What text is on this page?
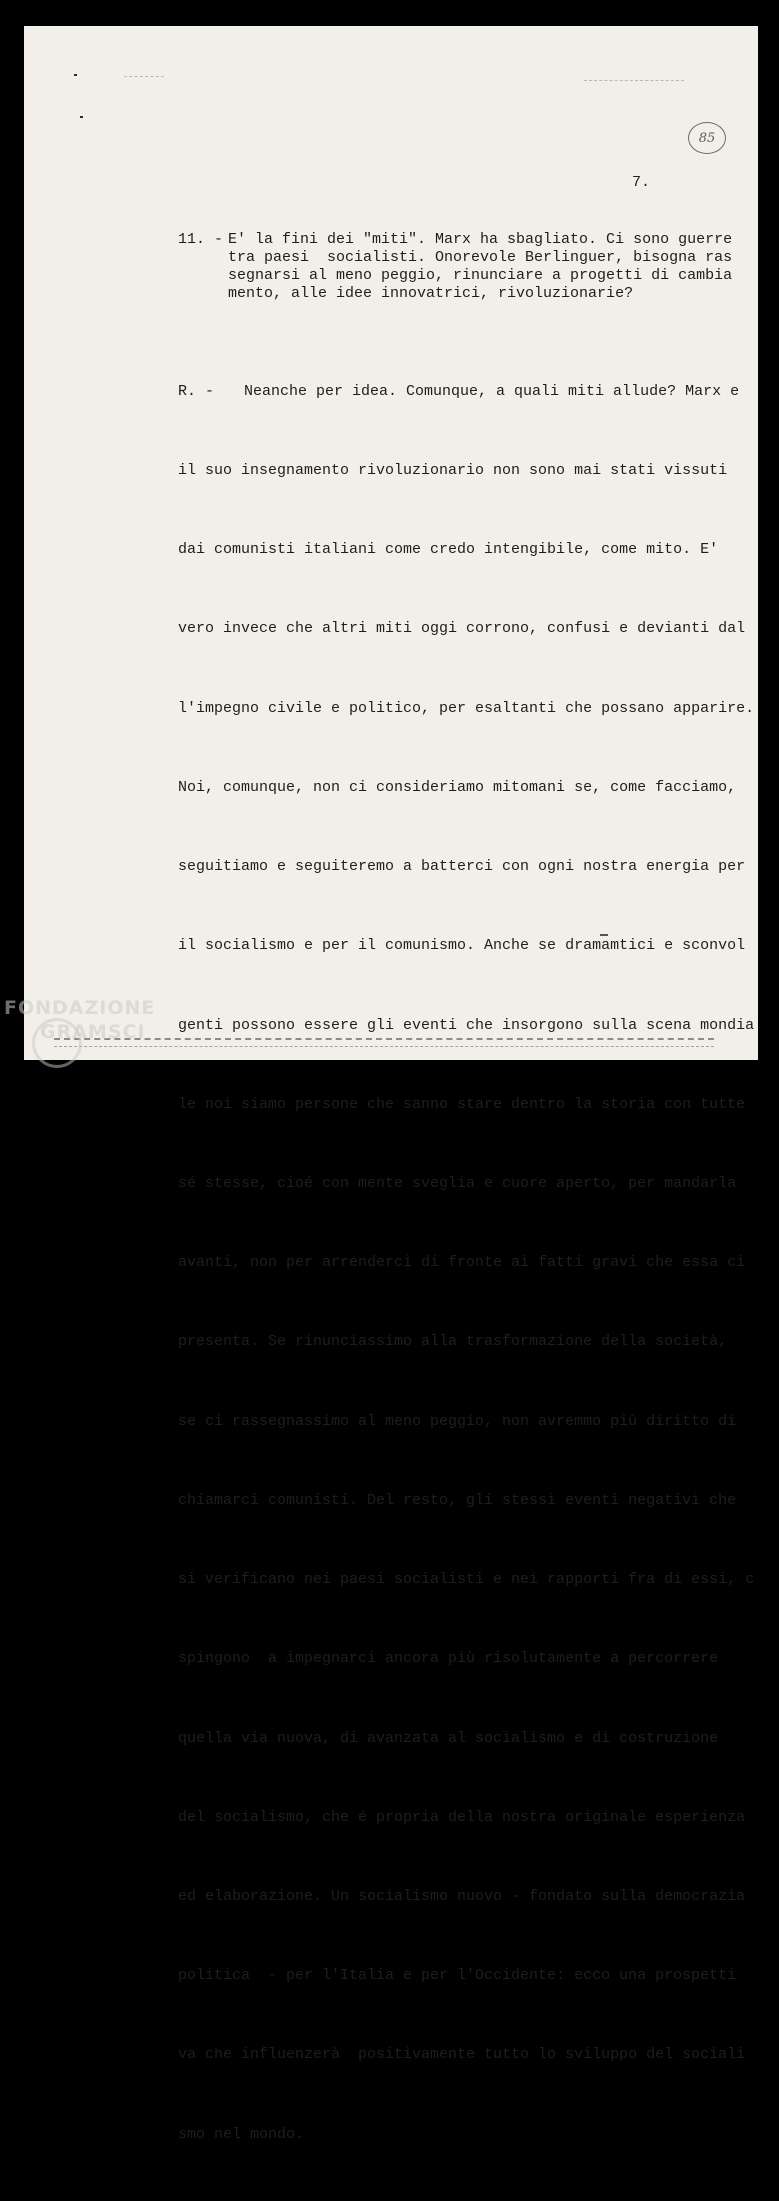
85
7.
11. - E' la fini dei "miti". Marx ha sbagliato. Ci sono guerre
tra paesi  socialisti. Onorevole Berlinguer, bisogna ras
segnarsi al meno peggio, rinunciare a progetti di cambia
mento, alle idee innovatrici, rivoluzionarie?

R. - Neanche per idea. Comunque, a quali miti allude? Marx e

il suo insegnamento rivoluzionario non sono mai stati vissuti

dai comunisti italiani come credo intengibile, come mito. E'

vero invece che altri miti oggi corrono, confusi e devianti dal

l'impegno civile e politico, per esaltanti che possano apparire.

Noi, comunque, non ci consideriamo mitomani se, come facciamo,

seguitiamo e seguiteremo a batterci con ogni nostra energia per

il socialismo e per il comunismo. Anche se dramamtici e sconvol

genti possono essere gli eventi che insorgono sulla scena mondia

le noi siamo persone che sanno stare dentro la storia con tutte

sé stesse, cioé con mente sveglia e cuore aperto, per mandarla

avanti, non per arrenderci di fronte ai fatti gravi che essa ci

presenta. Se rinunciassimo alla trasformazione della società,

se ci rassegnassimo al meno peggio, non avremmo più diritto di

chiamarci comunisti. Del resto, gli stessi eventi negativi che

si verificano nei paesi socialisti e nei rapporti fra di essi, c

spingono  a impegnarci ancora più risolutamente a percorrere

quella via nuova, di avanzata al socialismo e di costruzione

del socialismo, che é propria della nostra originale esperienza

ed elaborazione. Un socialismo nuovo - fondato sulla democrazia

politica  - per l'Italia e per l'Occidente: ecco una prospetti

va che influenzerà  positivamente tutto lo sviluppo del sociali

smo nel mondo.

FONDAZIONE
GRAMSCI
